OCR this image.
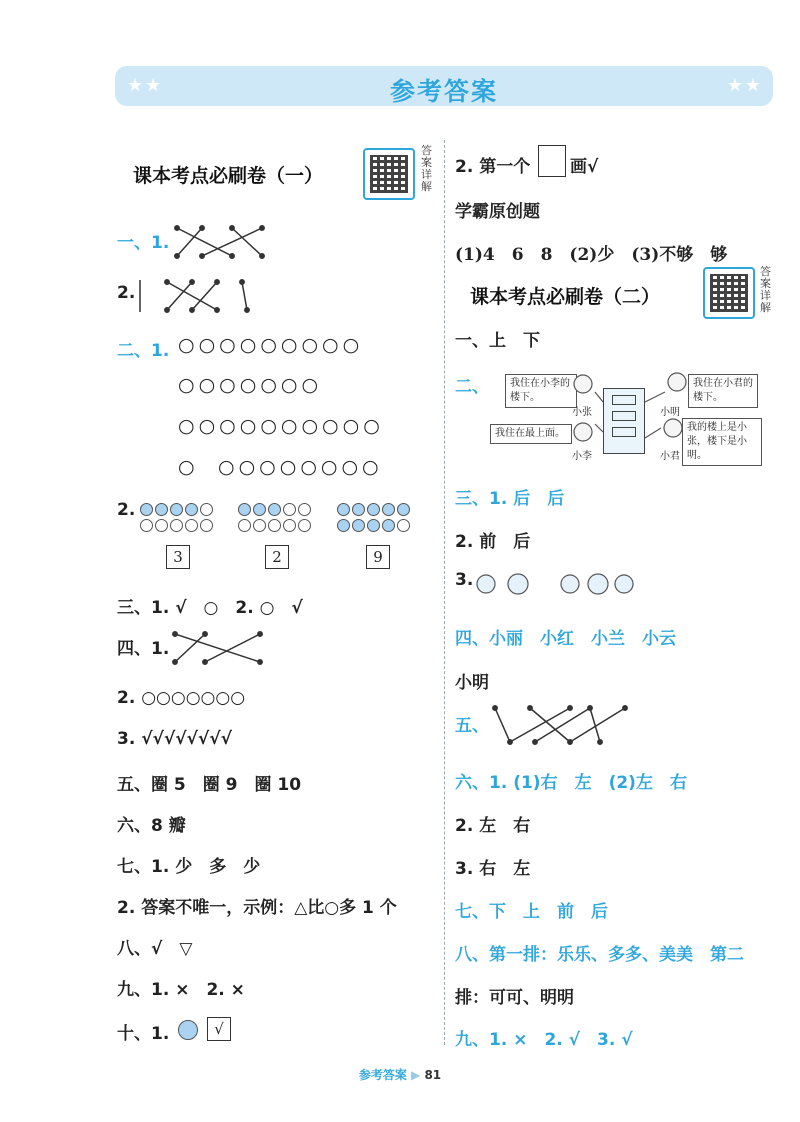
★ ★	参考答案	★ ★
课本考点必刷卷（一）
答案详解
一、1.
2.
二、1. ○○○○○○○○○
○○○○○○○
○○○○○○○○○○
○ ○○○○○○○○
2.
3	2	9
三、1. √　○　2. ○　√
四、1.
2. ○○○○○○○
3. √√√√√√√√
五、圈 5　圈 9　圈 10
六、8 瓣
七、1. 少　多　少
2. 答案不唯一，示例：△比○多 1 个
八、√　▽
九、1. ×　2. ×
十、1.	√
2. 第一个 画√
学霸原创题
(1)4　6　8　(2)少　(3)不够　够
课本考点必刷卷（二）
答案详解
一、上　下
二、	我住在小李的楼下。
我住在小君的楼下。
我住在最上面。
我的楼上是小张，楼下是小明。
小张	小明
小李	小君
三、1. 后　后
2. 前　后
3.
四、小丽　小红　小兰　小云
小明
五、
六、1. (1)右　左　(2)左　右
2. 左　右
3. 右　左
七、下　上　前　后
八、第一排：乐乐、多多、美美　第二
排：可可、明明
九、1. ×　2. √　3. √
参考答案 ▶ 81
